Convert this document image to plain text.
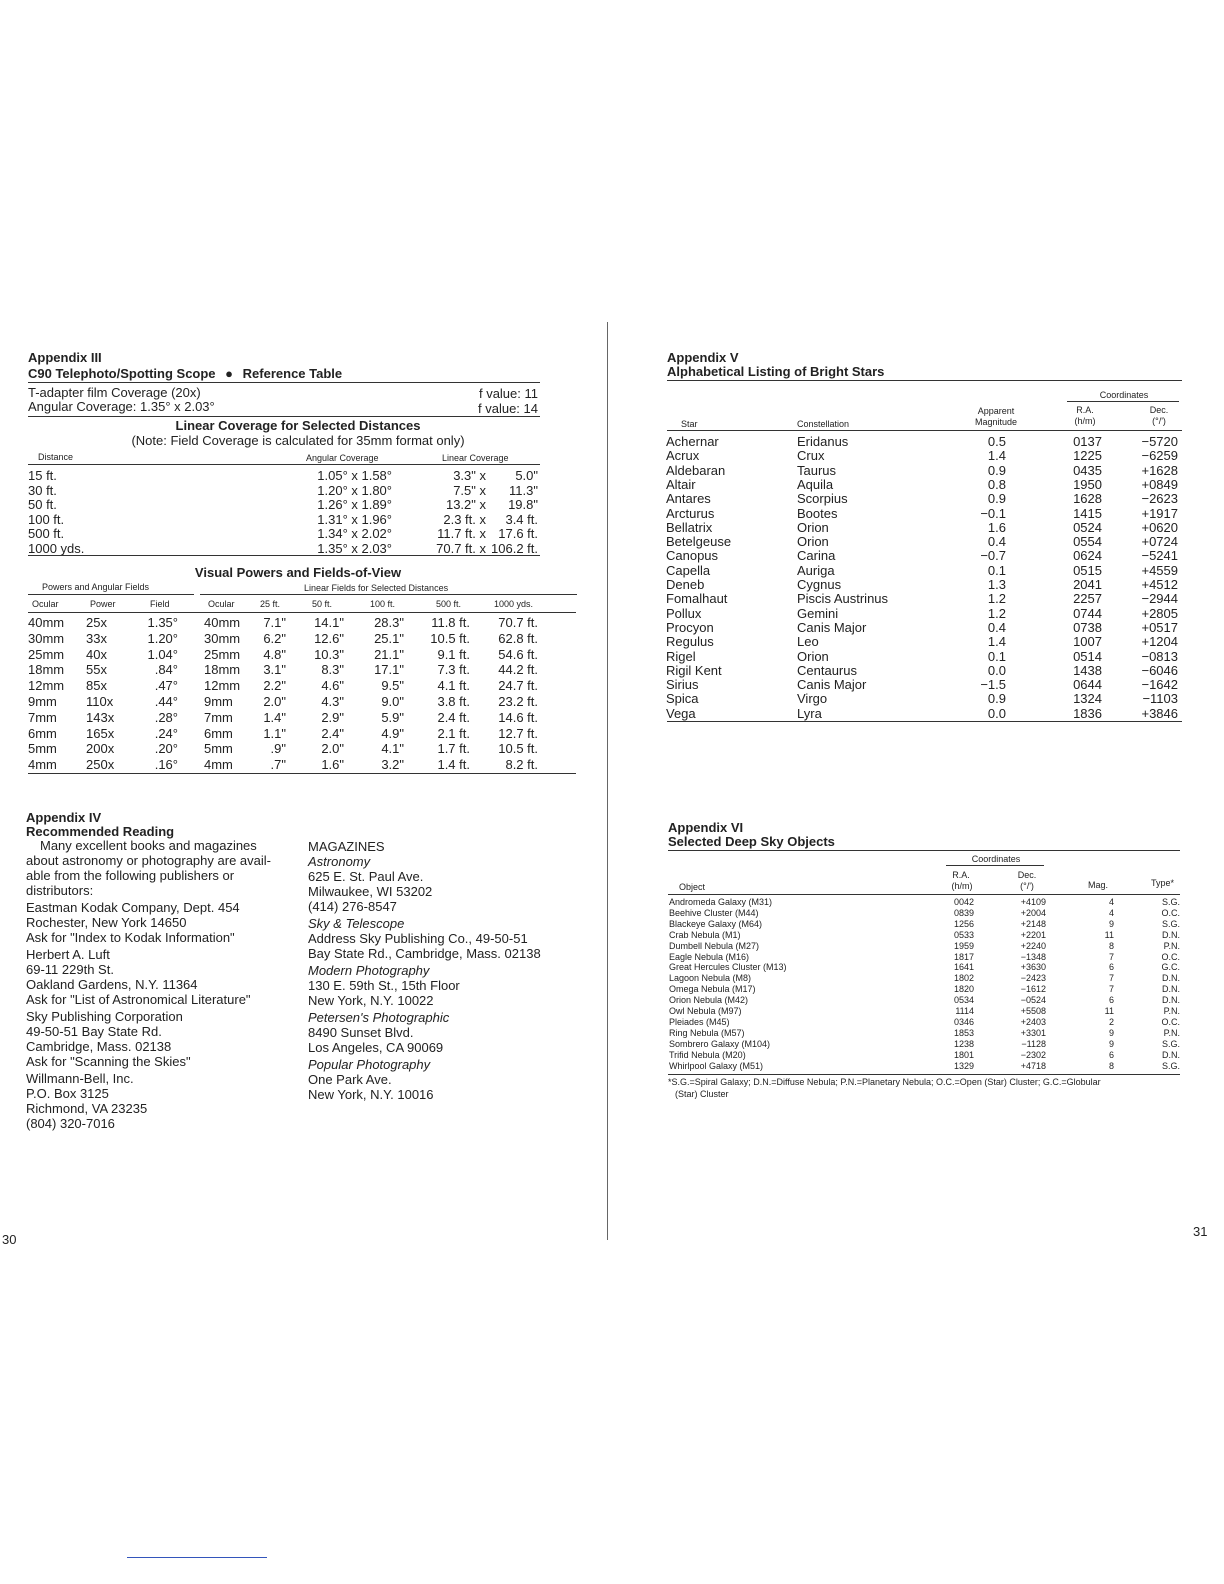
Appendix III
C90 Telephoto/Spotting Scope ● Reference Table
T-adapter film Coverage (20x)	f value: 11
Angular Coverage: 1.35° x 2.03°	f value: 14
Linear Coverage for Selected Distances
(Note: Field Coverage is calculated for 35mm format only)
Distance	Angular Coverage	Linear Coverage
15 ft.	1.05° x 1.58°	3.3" x	5.0"
30 ft.	1.20° x 1.80°	7.5" x	11.3"
50 ft.	1.26° x 1.89°	13.2" x	19.8"
100 ft.	1.31° x 1.96°	2.3 ft. x	3.4 ft.
500 ft.	1.34° x 2.02°	11.7 ft. x 17.6 ft.
1000 yds.	1.35° x 2.03°	70.7 ft. x 106.2 ft.
Visual Powers and Fields-of-View
Powers and Angular Fields	Linear Fields for Selected Distances
Ocular	Power	Field	Ocular	25 ft.	50 ft.	100 ft.	500 ft.	1000 yds.
40mm	25x	1.35° 40mm	7.1"	14.1"	28.3"	11.8 ft.	70.7 ft.
30mm	33x	1.20° 30mm	6.2"	12.6"	25.1"	10.5 ft.	62.8 ft.
25mm	40x	1.04° 25mm	4.8"	10.3"	21.1"	9.1 ft.	54.6 ft.
18mm	55x	.84° 18mm	3.1"	8.3"	17.1"	7.3 ft.	44.2 ft.
12mm	85x	.47° 12mm	2.2"	4.6"	9.5"	4.1 ft.	24.7 ft.
9mm	110x	.44° 9mm	2.0"	4.3"	9.0"	3.8 ft.	23.2 ft.
7mm	143x	.28° 7mm	1.4"	2.9"	5.9"	2.4 ft.	14.6 ft.
6mm	165x	.24° 6mm	1.1"	2.4"	4.9"	2.1 ft.	12.7 ft.
5mm	200x	.20° 5mm	.9"	2.0"	4.1"	1.7 ft.	10.5 ft.
4mm	250x	.16° 4mm	.7"	1.6"	3.2"	1.4 ft.	8.2 ft.
Appendix IV
Recommended Reading
Many excellent books and magazines
about astronomy or photography are avail-
able from the following publishers or
distributors:
Eastman Kodak Company, Dept. 454
Rochester, New York 14650
Ask for "Index to Kodak Information"
Herbert A. Luft
69-11 229th St.
Oakland Gardens, N.Y. 11364
Ask for "List of Astronomical Literature"
Sky Publishing Corporation
49-50-51 Bay State Rd.
Cambridge, Mass. 02138
Ask for "Scanning the Skies"
Willmann-Bell, Inc.
P.O. Box 3125
Richmond, VA 23235
(804) 320-7016
MAGAZINES
Astronomy
625 E. St. Paul Ave.
Milwaukee, WI 53202
(414) 276-8547
Sky & Telescope
Address Sky Publishing Co., 49-50-51
Bay State Rd., Cambridge, Mass. 02138
Modern Photography
130 E. 59th St., 15th Floor
New York, N.Y. 10022
Petersen's Photographic
8490 Sunset Blvd.
Los Angeles, CA 90069
Popular Photography
One Park Ave.
New York, N.Y. 10016
30
Appendix V
Alphabetical Listing of Bright Stars
Coordinates
Star	Constellation
Apparent
Magnitude
R.A.
(h/m)
Dec.
(°/')
Achernar	Eridanus	0.5	0137	−5720
Acrux	Crux	1.4	1225	−6259
Aldebaran	Taurus	0.9	0435	+1628
Altair	Aquila	0.8	1950	+0849
Antares	Scorpius	0.9	1628	−2623
Arcturus	Bootes	−0.1	1415	+1917
Bellatrix	Orion	1.6	0524	+0620
Betelgeuse	Orion	0.4	0554	+0724
Canopus	Carina	−0.7	0624	−5241
Capella	Auriga	0.1	0515	+4559
Deneb	Cygnus	1.3	2041	+4512
Fomalhaut	Piscis Austrinus	1.2	2257	−2944
Pollux	Gemini	1.2	0744	+2805
Procyon	Canis Major	0.4	0738	+0517
Regulus	Leo	1.4	1007	+1204
Rigel	Orion	0.1	0514	−0813
Rigil Kent	Centaurus	0.0	1438	−6046
Sirius	Canis Major	−1.5	0644	−1642
Spica	Virgo	0.9	1324	−1103
Vega	Lyra	0.0	1836	+3846
Appendix VI
Selected Deep Sky Objects
Coordinates
R.A.
(h/m)
Dec.
(°/')
Object	Mag.	Type*
Andromeda Galaxy (M31)	0042	+4109	4	S.G.
Beehive Cluster (M44)	0839	+2004	4	O.C.
Blackeye Galaxy (M64)	1256	+2148	9	S.G.
Crab Nebula (M1)	0533	+2201	11	D.N.
Dumbell Nebula (M27)	1959	+2240	8	P.N.
Eagle Nebula (M16)	1817	−1348	7	O.C.
Great Hercules Cluster (M13)	1641	+3630	6	G.C.
Lagoon Nebula (M8)	1802	−2423	7	D.N.
Omega Nebula (M17)	1820	−1612	7	D.N.
Orion Nebula (M42)	0534	−0524	6	D.N.
Owl Nebula (M97)	1114	+5508	11	P.N.
Pleiades (M45)	0346	+2403	2	O.C.
Ring Nebula (M57)	1853	+3301	9	P.N.
Sombrero Galaxy (M104)	1238	−1128	9	S.G.
Trifid Nebula (M20)	1801	−2302	6	D.N.
Whirlpool Galaxy (M51)	1329	+4718	8	S.G.
*S.G.=Spiral Galaxy; D.N.=Diffuse Nebula; P.N.=Planetary Nebula; O.C.=Open (Star) Cluster; G.C.=Globular
(Star) Cluster
31
